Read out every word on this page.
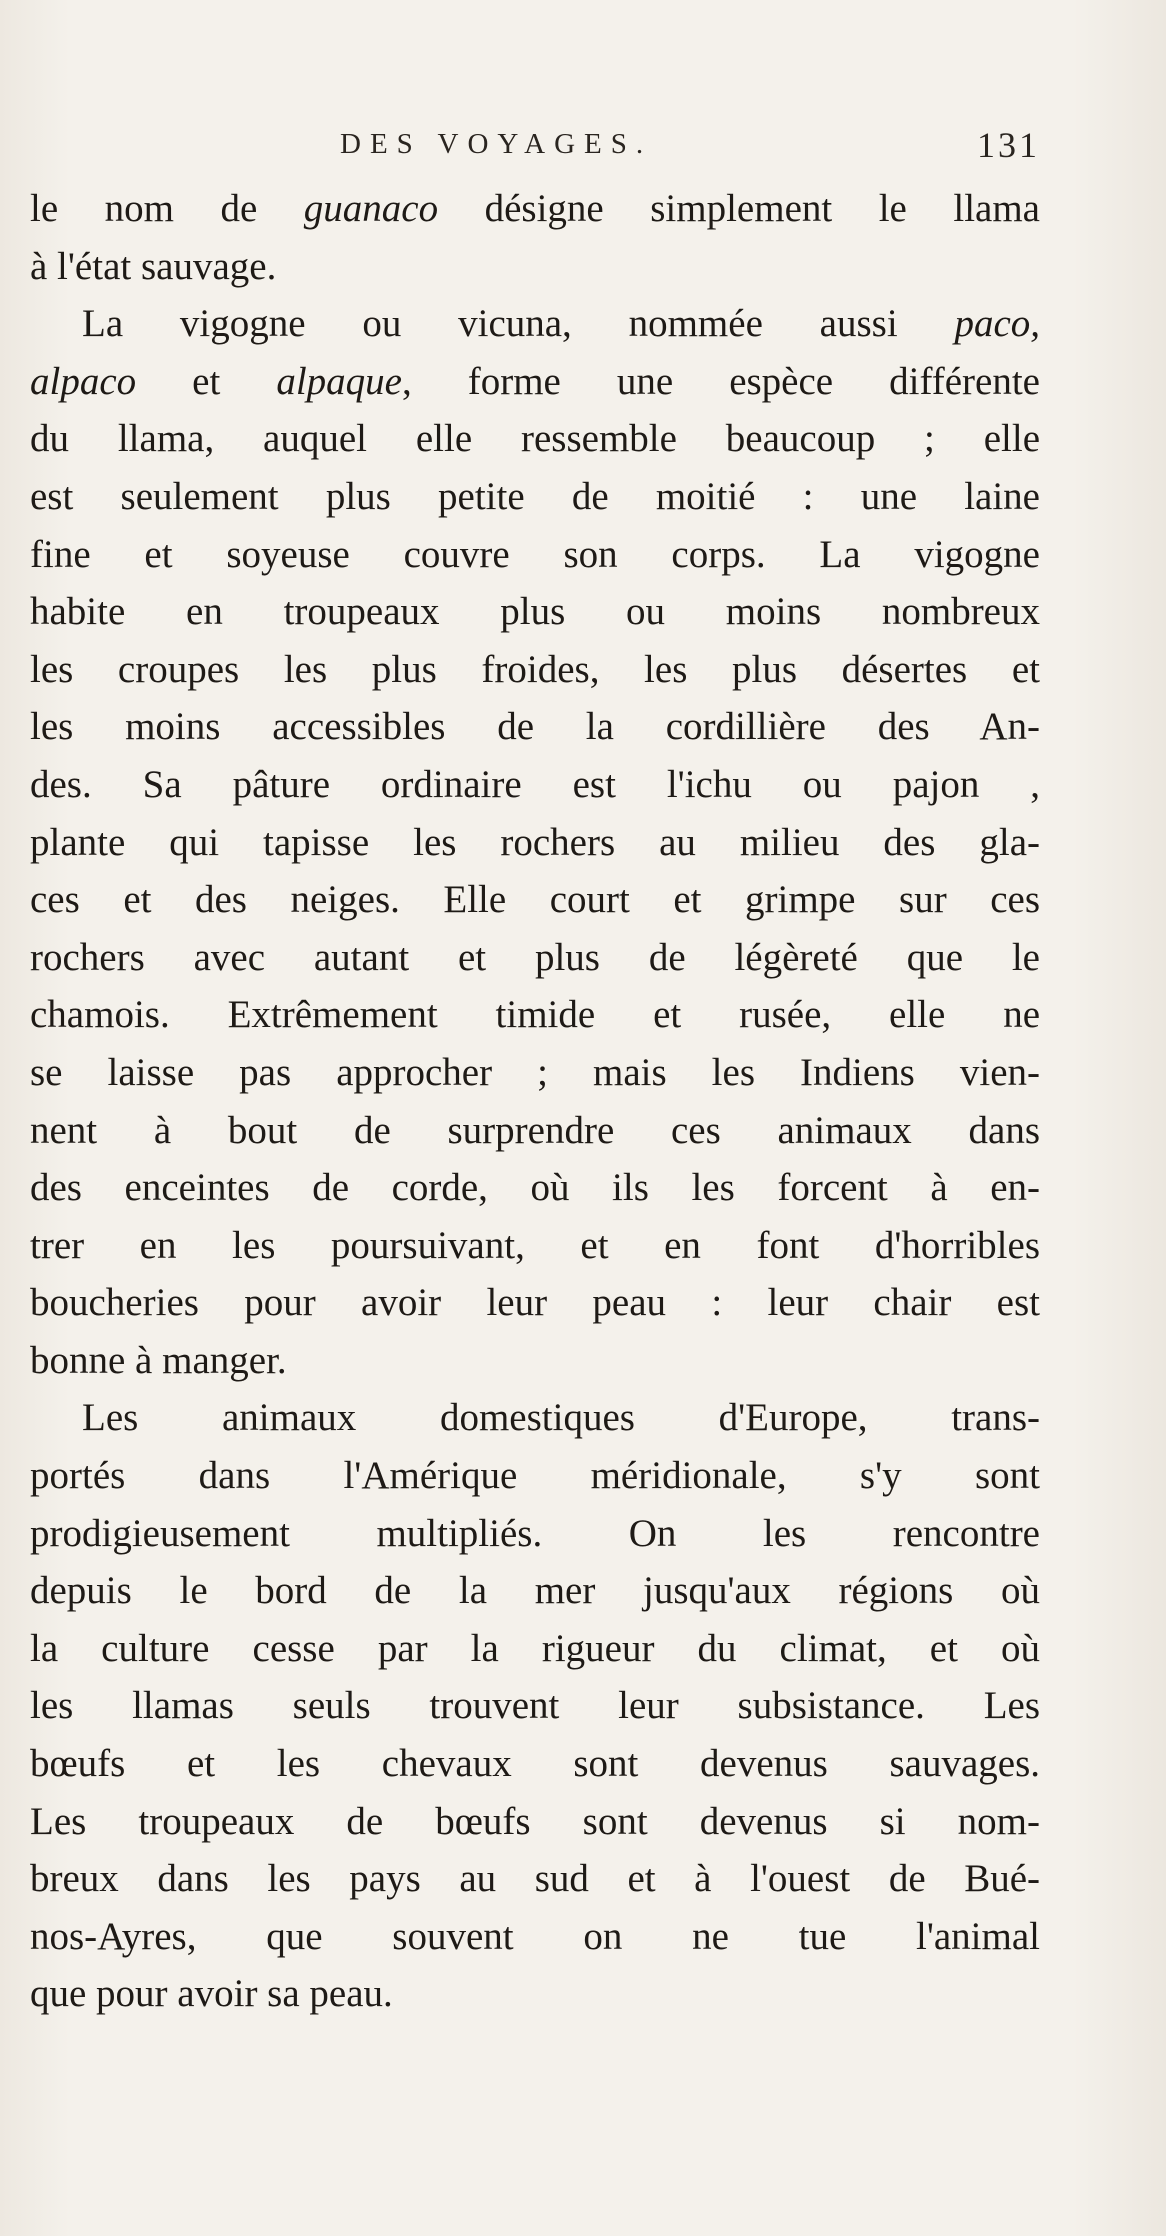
DES VOYAGES.	131
le nom de guanaco désigne simplement le llama
à l'état sauvage.
La vigogne ou vicuna, nommée aussi paco,
alpaco et alpaque, forme une espèce différente
du llama, auquel elle ressemble beaucoup ; elle
est seulement plus petite de moitié : une laine
fine et soyeuse couvre son corps. La vigogne
habite en troupeaux plus ou moins nombreux
les croupes les plus froides, les plus désertes et
les moins accessibles de la cordillière des An-
des. Sa pâture ordinaire est l'ichu ou pajon ,
plante qui tapisse les rochers au milieu des gla-
ces et des neiges. Elle court et grimpe sur ces
rochers avec autant et plus de légèreté que le
chamois. Extrêmement timide et rusée, elle ne
se laisse pas approcher ; mais les Indiens vien-
nent à bout de surprendre ces animaux dans
des enceintes de corde, où ils les forcent à en-
trer en les poursuivant, et en font d'horribles
boucheries pour avoir leur peau : leur chair est
bonne à manger.
Les animaux domestiques d'Europe, trans-
portés dans l'Amérique méridionale, s'y sont
prodigieusement multipliés. On les rencontre
depuis le bord de la mer jusqu'aux régions où
la culture cesse par la rigueur du climat, et où
les llamas seuls trouvent leur subsistance. Les
bœufs et les chevaux sont devenus sauvages.
Les troupeaux de bœufs sont devenus si nom-
breux dans les pays au sud et à l'ouest de Bué-
nos-Ayres, que souvent on ne tue l'animal
que pour avoir sa peau.
